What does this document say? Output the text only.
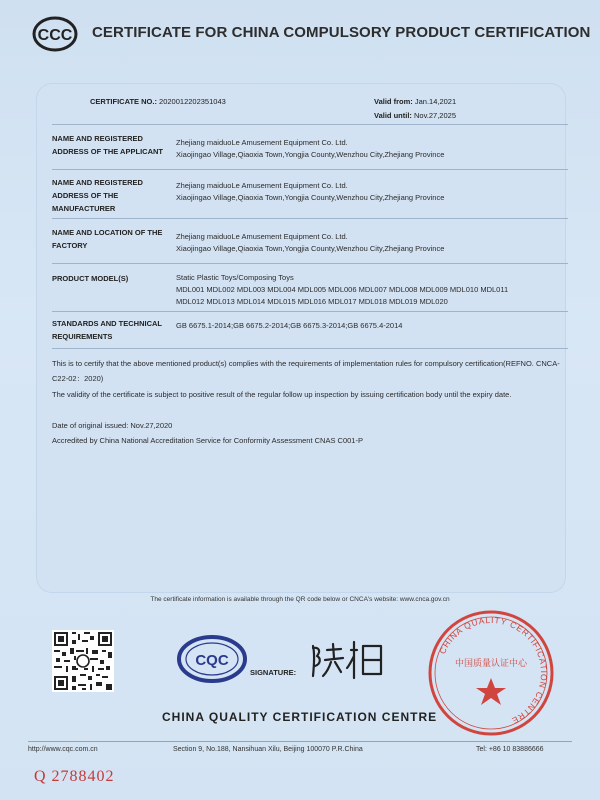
CCC CERTIFICATE FOR CHINA COMPULSORY PRODUCT CERTIFICATION
CERTIFICATE NO.: 2020012202351043	Valid from: Jan.14,2021
Valid until: Nov.27,2025
NAME AND REGISTERED ADDRESS OF THE APPLICANT
Zhejiang maiduoLe Amusement Equipment Co. Ltd.
Xiaojingao Village,Qiaoxia Town,Yongjia County,Wenzhou City,Zhejiang Province
NAME AND REGISTERED ADDRESS OF THE MANUFACTURER
Zhejiang maiduoLe Amusement Equipment Co. Ltd.
Xiaojingao Village,Qiaoxia Town,Yongjia County,Wenzhou City,Zhejiang Province
NAME AND LOCATION OF THE FACTORY
Zhejiang maiduoLe Amusement Equipment Co. Ltd.
Xiaojingao Village,Qiaoxia Town,Yongjia County,Wenzhou City,Zhejiang Province
PRODUCT MODEL(S)	Static Plastic Toys/Composing Toys
MDL001 MDL002 MDL003 MDL004 MDL005 MDL006 MDL007 MDL008 MDL009 MDL010 MDL011
MDL012 MDL013 MDL014 MDL015 MDL016 MDL017 MDL018 MDL019 MDL020
STANDARDS AND TECHNICAL REQUIREMENTS
GB 6675.1-2014;GB 6675.2-2014;GB 6675.3-2014;GB 6675.4-2014
This is to certify that the above mentioned product(s) complies with the requirements of implementation rules for compulsory certification(REFNO. CNCA-C22-02：2020)
The validity of the certificate is subject to positive result of the regular follow up inspection by issuing certification body until the expiry date.
Date of original issued: Nov.27,2020
Accredited by China National Accreditation Service for Conformity Assessment CNAS C001-P
The certificate information is available through the QR code below or CNCA's website: www.cnca.gov.cn
CQC
SIGNATURE:
CHINA QUALITY CERTIFICATION CENTRE
中国质量认证中心
CHINA QUALITY CERTIFICATION CENTRE
http://www.cqc.com.cn	Section 9, No.188, Nansihuan Xilu, Beijing 100070 P.R.China	Tel: +86 10 83886666
Q 2788402
